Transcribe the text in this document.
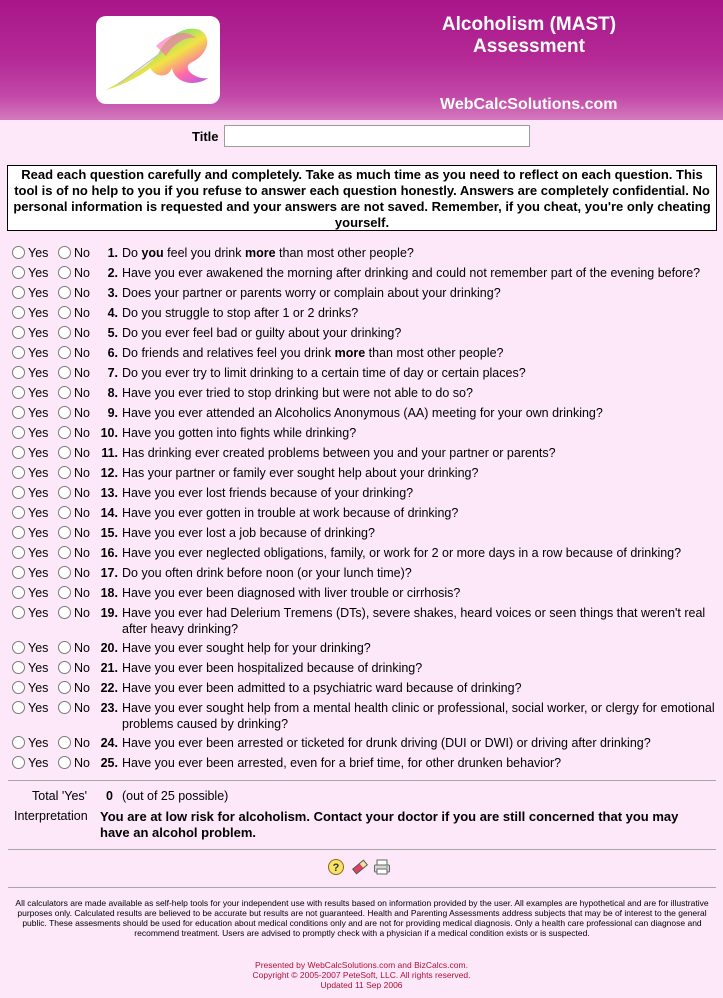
Alcoholism (MAST) Assessment
WebCalcSolutions.com
Title
Read each question carefully and completely. Take as much time as you need to reflect on each question. This tool is of no help to you if you refuse to answer each question honestly. Answers are completely confidential. No personal information is requested and your answers are not saved. Remember, if you cheat, you're only cheating yourself.
Yes No 1. Do you feel you drink more than most other people?
Yes No 2. Have you ever awakened the morning after drinking and could not remember part of the evening before?
Yes No 3. Does your partner or parents worry or complain about your drinking?
Yes No 4. Do you struggle to stop after 1 or 2 drinks?
Yes No 5. Do you ever feel bad or guilty about your drinking?
Yes No 6. Do friends and relatives feel you drink more than most other people?
Yes No 7. Do you ever try to limit drinking to a certain time of day or certain places?
Yes No 8. Have you ever tried to stop drinking but were not able to do so?
Yes No 9. Have you ever attended an Alcoholics Anonymous (AA) meeting for your own drinking?
Yes No 10. Have you gotten into fights while drinking?
Yes No 11. Has drinking ever created problems between you and your partner or parents?
Yes No 12. Has your partner or family ever sought help about your drinking?
Yes No 13. Have you ever lost friends because of your drinking?
Yes No 14. Have you ever gotten in trouble at work because of drinking?
Yes No 15. Have you ever lost a job because of drinking?
Yes No 16. Have you ever neglected obligations, family, or work for 2 or more days in a row because of drinking?
Yes No 17. Do you often drink before noon (or your lunch time)?
Yes No 18. Have you ever been diagnosed with liver trouble or cirrhosis?
Yes No 19. Have you ever had Delerium Tremens (DTs), severe shakes, heard voices or seen things that weren't real after heavy drinking?
Yes No 20. Have you ever sought help for your drinking?
Yes No 21. Have you ever been hospitalized because of drinking?
Yes No 22. Have you ever been admitted to a psychiatric ward because of drinking?
Yes No 23. Have you ever sought help from a mental health clinic or professional, social worker, or clergy for emotional problems caused by drinking?
Yes No 24. Have you ever been arrested or ticketed for drunk driving (DUI or DWI) or driving after drinking?
Yes No 25. Have you ever been arrested, even for a brief time, for other drunken behavior?
Total 'Yes' 0 (out of 25 possible)
Interpretation You are at low risk for alcoholism. Contact your doctor if you are still concerned that you may have an alcohol problem.
?
All calculators are made available as self-help tools for your independent use with results based on information provided by the user. All examples are hypothetical and are for illustrative purposes only. Calculated results are believed to be accurate but results are not guaranteed. Health and Parenting Assessments address subjects that may be of interest to the general public. These assesments should be used for education about medical conditions only and are not for providing medical diagnosis. Only a health care professional can diagnose and recommend treatment. Users are advised to promptly check with a physician if a medical condition exists or is suspected.
Presented by WebCalcSolutions.com and BizCalcs.com.
Copyright © 2005-2007 PeteSoft, LLC. All rights reserved.
Updated 11 Sep 2006
